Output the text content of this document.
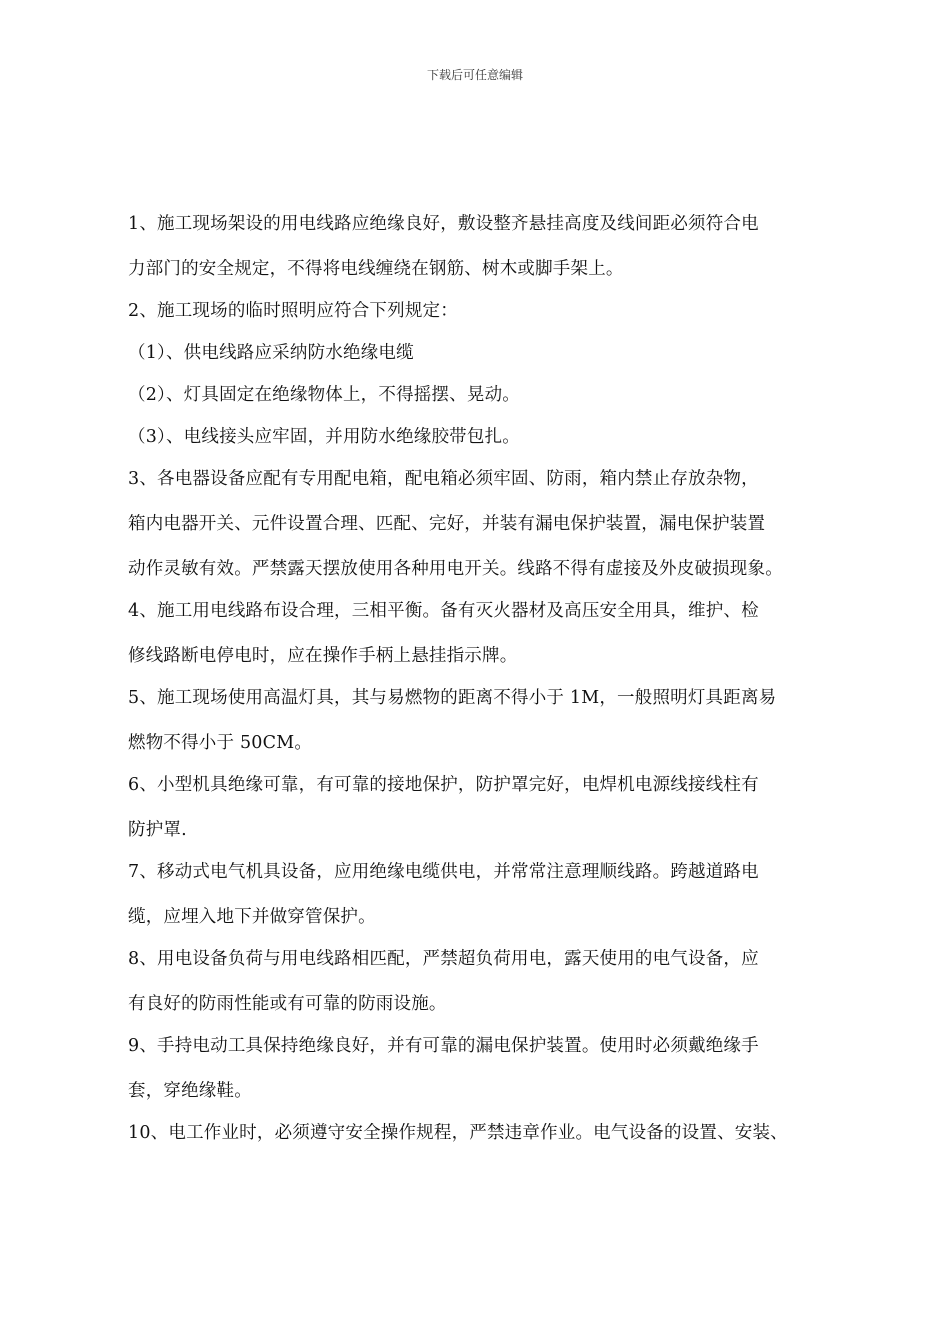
下载后可任意编辑
1、施工现场架设的用电线路应绝缘良好，敷设整齐悬挂高度及线间距必须符合电
力部门的安全规定，不得将电线缠绕在钢筋、树木或脚手架上。
2、施工现场的临时照明应符合下列规定：
（1）、供电线路应采纳防水绝缘电缆
（2）、灯具固定在绝缘物体上，不得摇摆、晃动。
（3）、电线接头应牢固，并用防水绝缘胶带包扎。
3、各电器设备应配有专用配电箱，配电箱必须牢固、防雨，箱内禁止存放杂物，
箱内电器开关、元件设置合理、匹配、完好，并装有漏电保护装置，漏电保护装置
动作灵敏有效。严禁露天摆放使用各种用电开关。线路不得有虚接及外皮破损现象。
4、施工用电线路布设合理，三相平衡。备有灭火器材及高压安全用具，维护、检
修线路断电停电时，应在操作手柄上悬挂指示牌。
5、施工现场使用高温灯具，其与易燃物的距离不得小于 1M，一般照明灯具距离易
燃物不得小于 50CM。
6、小型机具绝缘可靠，有可靠的接地保护，防护罩完好，电焊机电源线接线柱有
防护罩.
7、移动式电气机具设备，应用绝缘电缆供电，并常常注意理顺线路。跨越道路电
缆，应埋入地下并做穿管保护。
8、用电设备负荷与用电线路相匹配，严禁超负荷用电，露天使用的电气设备，应
有良好的防雨性能或有可靠的防雨设施。
9、手持电动工具保持绝缘良好，并有可靠的漏电保护装置。使用时必须戴绝缘手
套，穿绝缘鞋。
10、电工作业时，必须遵守安全操作规程，严禁违章作业。电气设备的设置、安装、
